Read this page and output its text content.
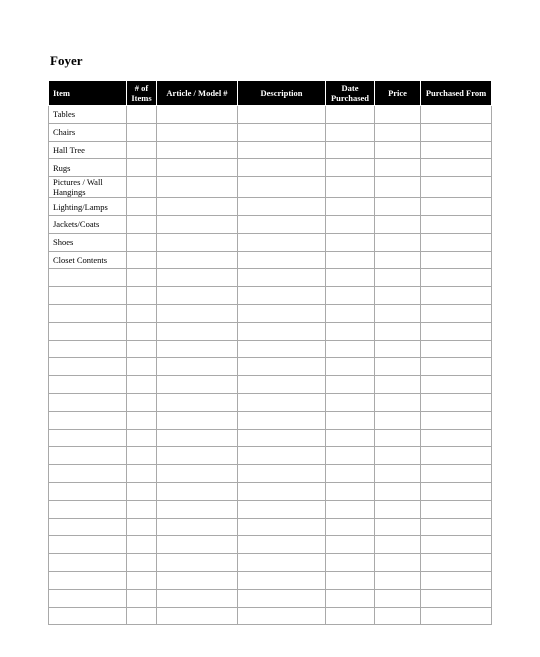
Foyer
Item	# of Items	Article / Model #	Description	Date Purchased	Price	Purchased From
Tables						
Chairs						
Hall Tree						
Rugs						
Pictures / Wall Hangings						
Lighting/Lamps						
Jackets/Coats						
Shoes						
Closet Contents						
